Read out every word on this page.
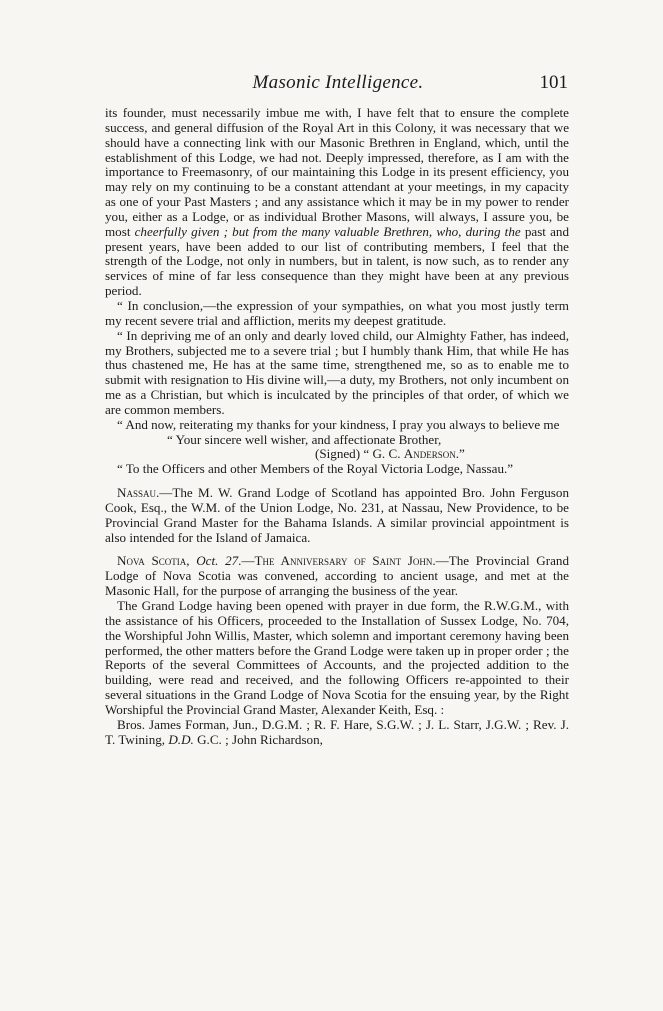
Masonic Intelligence.	101

its founder, must necessarily imbue me with, I have felt that to ensure the complete success, and general diffusion of the Royal Art in this Colony, it was necessary that we should have a connecting link with our Masonic Brethren in England, which, until the establishment of this Lodge, we had not. Deeply impressed, therefore, as I am with the importance to Freemasonry, of our maintaining this Lodge in its present efficiency, you may rely on my continuing to be a constant attendant at your meetings, in my capacity as one of your Past Masters ; and any assistance which it may be in my power to render you, either as a Lodge, or as individual Brother Masons, will always, I assure you, be most cheerfully given ; but from the many valuable Brethren, who, during the past and present years, have been added to our list of contributing members, I feel that the strength of the Lodge, not only in numbers, but in talent, is now such, as to render any services of mine of far less consequence than they might have been at any previous period.

“ In conclusion,—the expression of your sympathies, on what you most justly term my recent severe trial and affliction, merits my deepest gratitude.

“ In depriving me of an only and dearly loved child, our Almighty Father, has indeed, my Brothers, subjected me to a severe trial ; but I humbly thank Him, that while He has thus chastened me, He has at the same time, strengthened me, so as to enable me to submit with resignation to His divine will,—a duty, my Brothers, not only incumbent on me as a Christian, but which is inculcated by the principles of that order, of which we are common members.

“ And now, reiterating my thanks for your kindness, I pray you always to believe me

“ Your sincere well wisher, and affectionate Brother,

(Signed) “ G. C. Anderson.”

“ To the Officers and other Members of the Royal Victoria Lodge, Nassau.”

Nassau.—The M. W. Grand Lodge of Scotland has appointed Bro. John Ferguson Cook, Esq., the W.M. of the Union Lodge, No. 231, at Nassau, New Providence, to be Provincial Grand Master for the Bahama Islands. A similar provincial appointment is also intended for the Island of Jamaica.

Nova Scotia, Oct. 27.—The Anniversary of Saint John.—The Provincial Grand Lodge of Nova Scotia was convened, according to ancient usage, and met at the Masonic Hall, for the purpose of arranging the business of the year.

The Grand Lodge having been opened with prayer in due form, the R.W.G.M., with the assistance of his Officers, proceeded to the Installation of Sussex Lodge, No. 704, the Worshipful John Willis, Master, which solemn and important ceremony having been performed, the other matters before the Grand Lodge were taken up in proper order ; the Reports of the several Committees of Accounts, and the projected addition to the building, were read and received, and the following Officers re-appointed to their several situations in the Grand Lodge of Nova Scotia for the ensuing year, by the Right Worshipful the Provincial Grand Master, Alexander Keith, Esq. :

Bros. James Forman, Jun., D.G.M. ; R. F. Hare, S.G.W. ; J. L. Starr, J.G.W. ; Rev. J. T. Twining, D.D. G.C. ; John Richardson,
